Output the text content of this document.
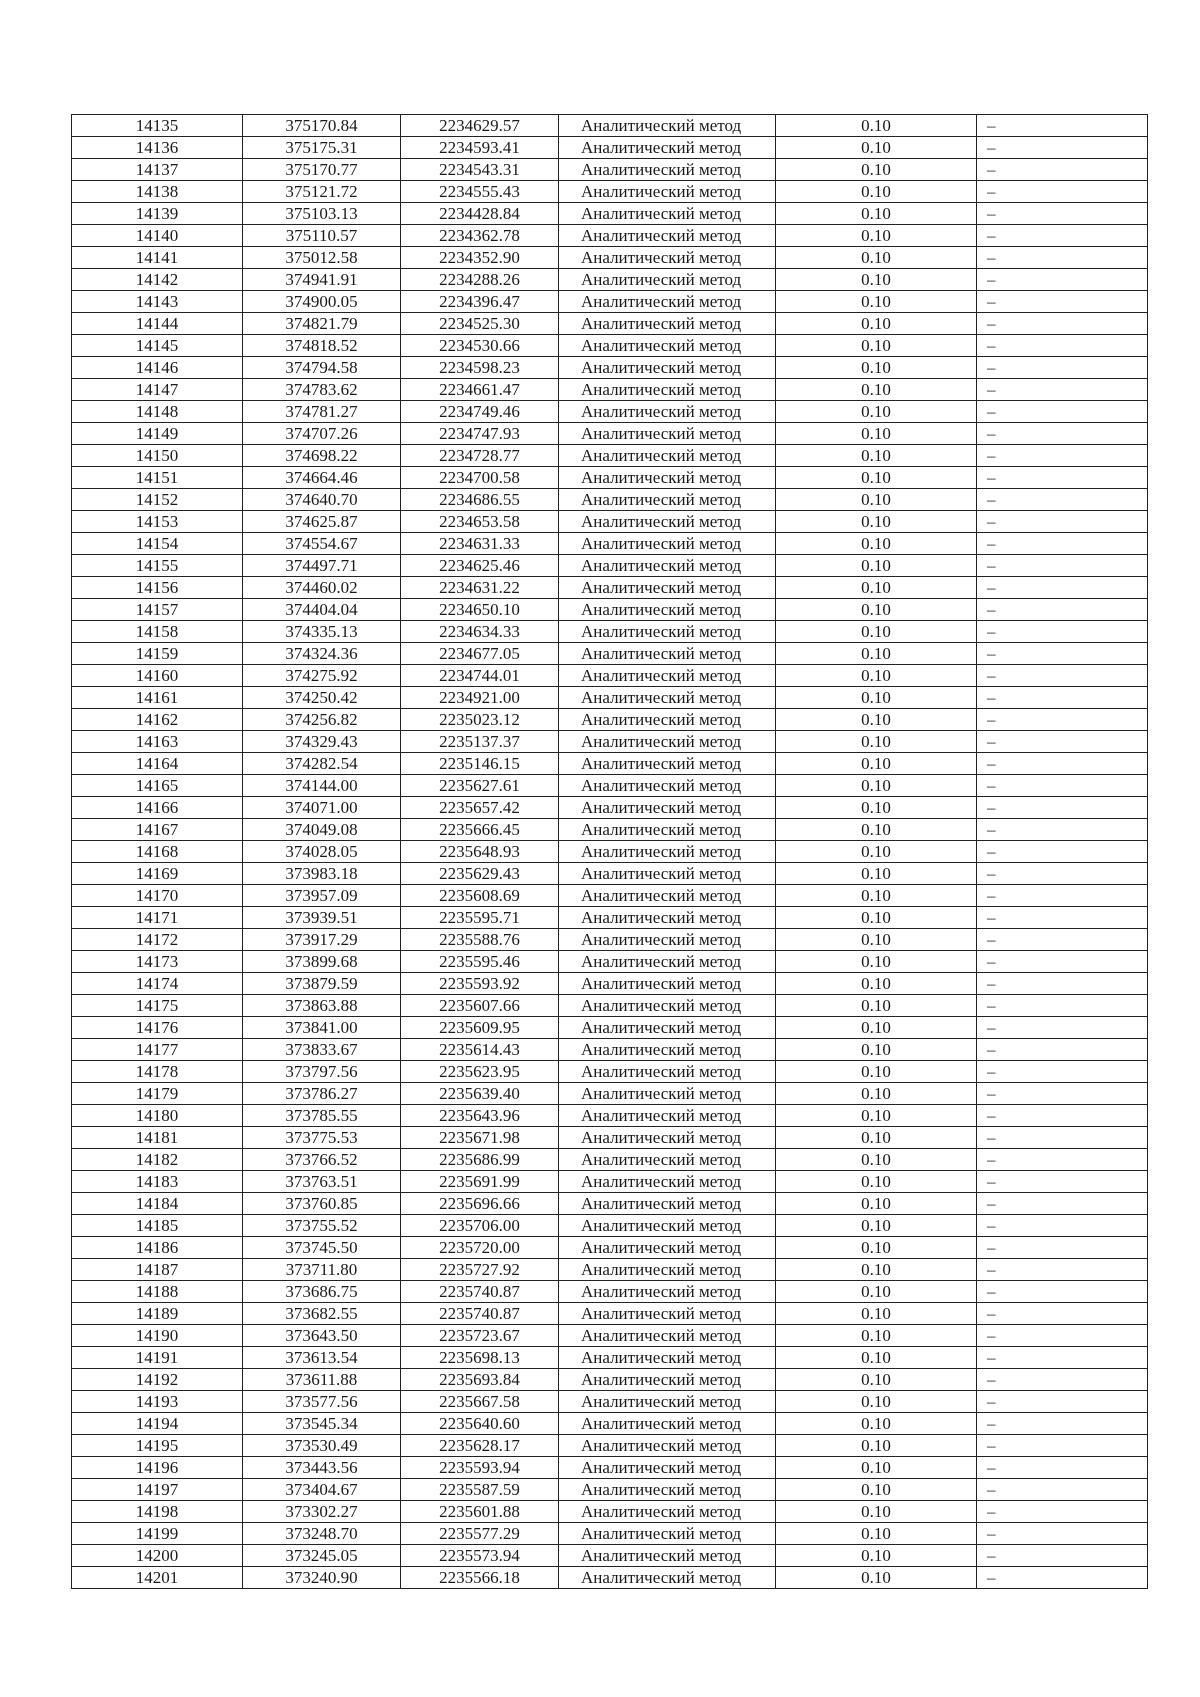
14135	375170.84	2234629.57	Аналитический метод	0.10	–
14136	375175.31	2234593.41	Аналитический метод	0.10	–
14137	375170.77	2234543.31	Аналитический метод	0.10	–
14138	375121.72	2234555.43	Аналитический метод	0.10	–
14139	375103.13	2234428.84	Аналитический метод	0.10	–
14140	375110.57	2234362.78	Аналитический метод	0.10	–
14141	375012.58	2234352.90	Аналитический метод	0.10	–
14142	374941.91	2234288.26	Аналитический метод	0.10	–
14143	374900.05	2234396.47	Аналитический метод	0.10	–
14144	374821.79	2234525.30	Аналитический метод	0.10	–
14145	374818.52	2234530.66	Аналитический метод	0.10	–
14146	374794.58	2234598.23	Аналитический метод	0.10	–
14147	374783.62	2234661.47	Аналитический метод	0.10	–
14148	374781.27	2234749.46	Аналитический метод	0.10	–
14149	374707.26	2234747.93	Аналитический метод	0.10	–
14150	374698.22	2234728.77	Аналитический метод	0.10	–
14151	374664.46	2234700.58	Аналитический метод	0.10	–
14152	374640.70	2234686.55	Аналитический метод	0.10	–
14153	374625.87	2234653.58	Аналитический метод	0.10	–
14154	374554.67	2234631.33	Аналитический метод	0.10	–
14155	374497.71	2234625.46	Аналитический метод	0.10	–
14156	374460.02	2234631.22	Аналитический метод	0.10	–
14157	374404.04	2234650.10	Аналитический метод	0.10	–
14158	374335.13	2234634.33	Аналитический метод	0.10	–
14159	374324.36	2234677.05	Аналитический метод	0.10	–
14160	374275.92	2234744.01	Аналитический метод	0.10	–
14161	374250.42	2234921.00	Аналитический метод	0.10	–
14162	374256.82	2235023.12	Аналитический метод	0.10	–
14163	374329.43	2235137.37	Аналитический метод	0.10	–
14164	374282.54	2235146.15	Аналитический метод	0.10	–
14165	374144.00	2235627.61	Аналитический метод	0.10	–
14166	374071.00	2235657.42	Аналитический метод	0.10	–
14167	374049.08	2235666.45	Аналитический метод	0.10	–
14168	374028.05	2235648.93	Аналитический метод	0.10	–
14169	373983.18	2235629.43	Аналитический метод	0.10	–
14170	373957.09	2235608.69	Аналитический метод	0.10	–
14171	373939.51	2235595.71	Аналитический метод	0.10	–
14172	373917.29	2235588.76	Аналитический метод	0.10	–
14173	373899.68	2235595.46	Аналитический метод	0.10	–
14174	373879.59	2235593.92	Аналитический метод	0.10	–
14175	373863.88	2235607.66	Аналитический метод	0.10	–
14176	373841.00	2235609.95	Аналитический метод	0.10	–
14177	373833.67	2235614.43	Аналитический метод	0.10	–
14178	373797.56	2235623.95	Аналитический метод	0.10	–
14179	373786.27	2235639.40	Аналитический метод	0.10	–
14180	373785.55	2235643.96	Аналитический метод	0.10	–
14181	373775.53	2235671.98	Аналитический метод	0.10	–
14182	373766.52	2235686.99	Аналитический метод	0.10	–
14183	373763.51	2235691.99	Аналитический метод	0.10	–
14184	373760.85	2235696.66	Аналитический метод	0.10	–
14185	373755.52	2235706.00	Аналитический метод	0.10	–
14186	373745.50	2235720.00	Аналитический метод	0.10	–
14187	373711.80	2235727.92	Аналитический метод	0.10	–
14188	373686.75	2235740.87	Аналитический метод	0.10	–
14189	373682.55	2235740.87	Аналитический метод	0.10	–
14190	373643.50	2235723.67	Аналитический метод	0.10	–
14191	373613.54	2235698.13	Аналитический метод	0.10	–
14192	373611.88	2235693.84	Аналитический метод	0.10	–
14193	373577.56	2235667.58	Аналитический метод	0.10	–
14194	373545.34	2235640.60	Аналитический метод	0.10	–
14195	373530.49	2235628.17	Аналитический метод	0.10	–
14196	373443.56	2235593.94	Аналитический метод	0.10	–
14197	373404.67	2235587.59	Аналитический метод	0.10	–
14198	373302.27	2235601.88	Аналитический метод	0.10	–
14199	373248.70	2235577.29	Аналитический метод	0.10	–
14200	373245.05	2235573.94	Аналитический метод	0.10	–
14201	373240.90	2235566.18	Аналитический метод	0.10	–
